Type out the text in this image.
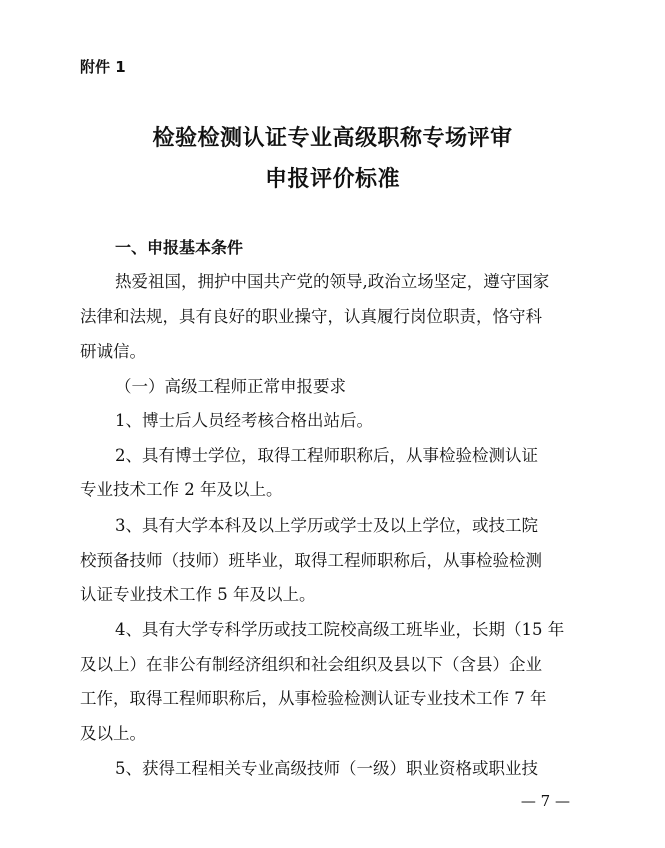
附件 1
检验检测认证专业高级职称专场评审
申报评价标准
一、申报基本条件
热爱祖国，拥护中国共产党的领导,政治立场坚定，遵守国家
法律和法规，具有良好的职业操守，认真履行岗位职责，恪守科
研诚信。
（一）高级工程师正常申报要求
1、博士后人员经考核合格出站后。
2、具有博士学位，取得工程师职称后，从事检验检测认证
专业技术工作 2 年及以上。
3、具有大学本科及以上学历或学士及以上学位，或技工院
校预备技师（技师）班毕业，取得工程师职称后，从事检验检测
认证专业技术工作 5 年及以上。
4、具有大学专科学历或技工院校高级工班毕业，长期（15 年
及以上）在非公有制经济组织和社会组织及县以下（含县）企业
工作，取得工程师职称后，从事检验检测认证专业技术工作 7 年
及以上。
5、获得工程相关专业高级技师（一级）职业资格或职业技
— 7 —
